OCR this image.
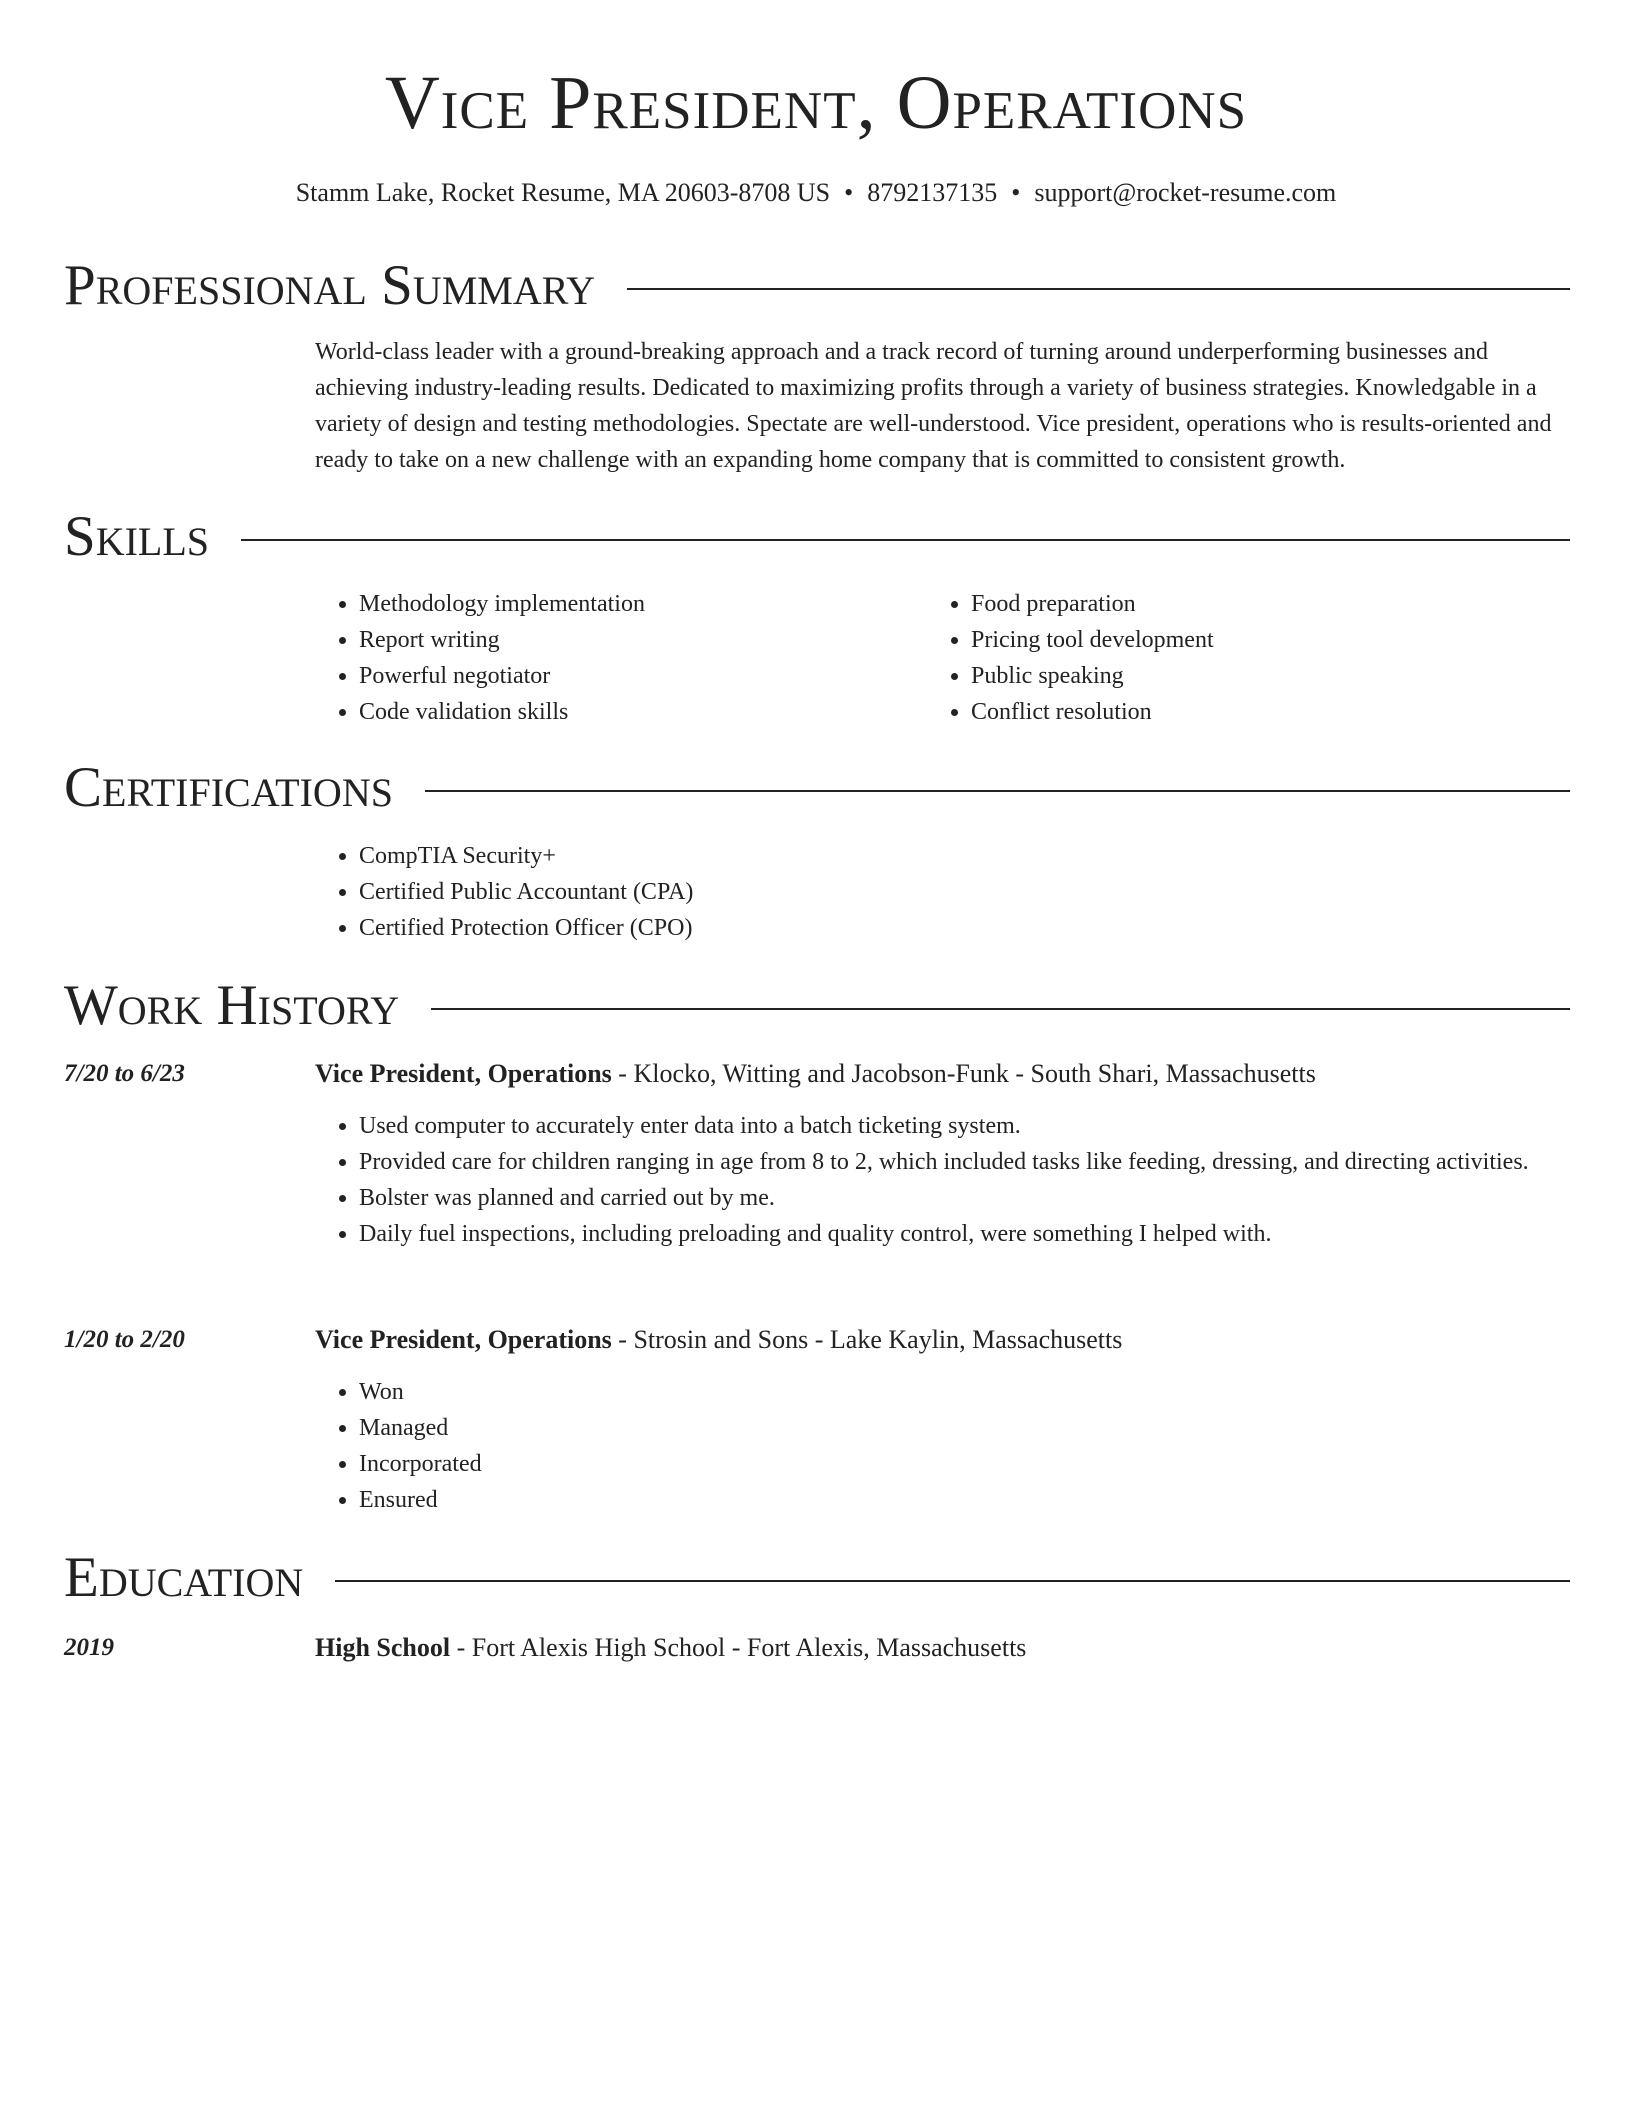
Vice President, Operations
Stamm Lake, Rocket Resume, MA 20603-8708 US • 8792137135 • support@rocket-resume.com
Professional Summary
World-class leader with a ground-breaking approach and a track record of turning around underperforming businesses and achieving industry-leading results. Dedicated to maximizing profits through a variety of business strategies. Knowledgable in a variety of design and testing methodologies. Spectate are well-understood. Vice president, operations who is results-oriented and ready to take on a new challenge with an expanding home company that is committed to consistent growth.
Skills
• Methodology implementation
• Report writing
• Powerful negotiator
• Code validation skills
• Food preparation
• Pricing tool development
• Public speaking
• Conflict resolution
Certifications
• CompTIA Security+
• Certified Public Accountant (CPA)
• Certified Protection Officer (CPO)
Work History
7/20 to 6/23	Vice President, Operations - Klocko, Witting and Jacobson-Funk - South Shari, Massachusetts
• Used computer to accurately enter data into a batch ticketing system.
• Provided care for children ranging in age from 8 to 2, which included tasks like feeding, dressing, and directing activities.
• Bolster was planned and carried out by me.
• Daily fuel inspections, including preloading and quality control, were something I helped with.
1/20 to 2/20	Vice President, Operations - Strosin and Sons - Lake Kaylin, Massachusetts
• Won
• Managed
• Incorporated
• Ensured
Education
2019	High School - Fort Alexis High School - Fort Alexis, Massachusetts
